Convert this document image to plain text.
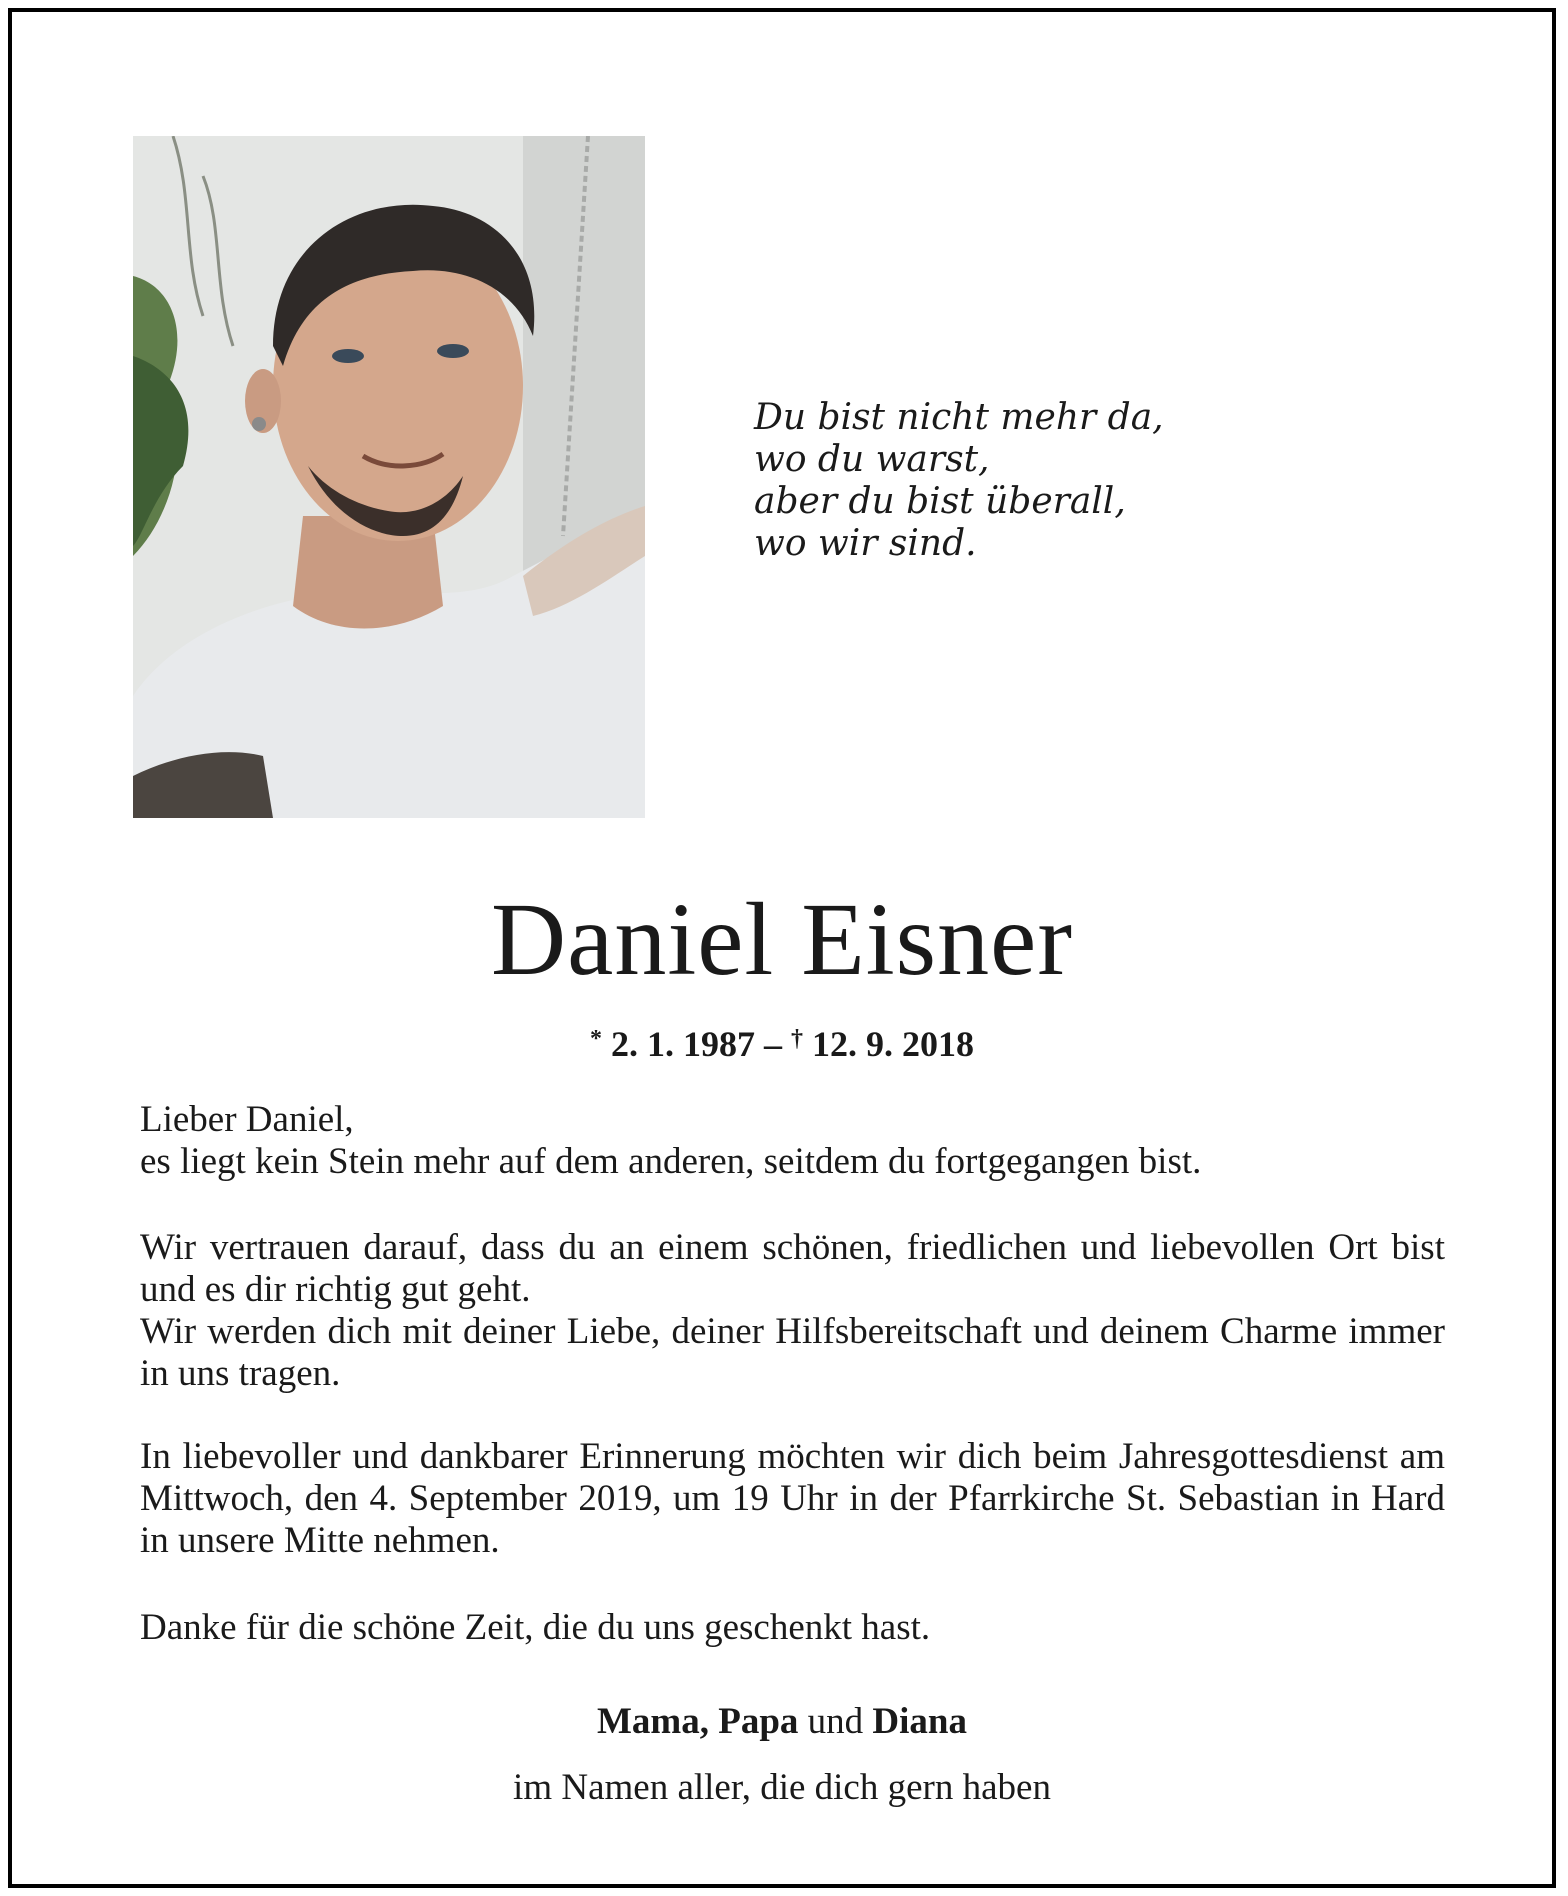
Du bist nicht mehr da,
wo du warst,
aber du bist überall,
wo wir sind.
Daniel Eisner
* 2. 1. 1987 – † 12. 9. 2018
Lieber Daniel,
es liegt kein Stein mehr auf dem anderen, seitdem du fortgegangen bist.
Wir vertrauen darauf, dass du an einem schönen, friedlichen und liebevollen Ort bist und es dir richtig gut geht.
Wir werden dich mit deiner Liebe, deiner Hilfsbereitschaft und deinem Charme immer in uns tragen.
In liebevoller und dankbarer Erinnerung möchten wir dich beim Jahresgottesdienst am Mittwoch, den 4. September 2019, um 19 Uhr in der Pfarrkirche St. Sebastian in Hard in unsere Mitte nehmen.
Danke für die schöne Zeit, die du uns geschenkt hast.
Mama, Papa und Diana
im Namen aller, die dich gern haben
